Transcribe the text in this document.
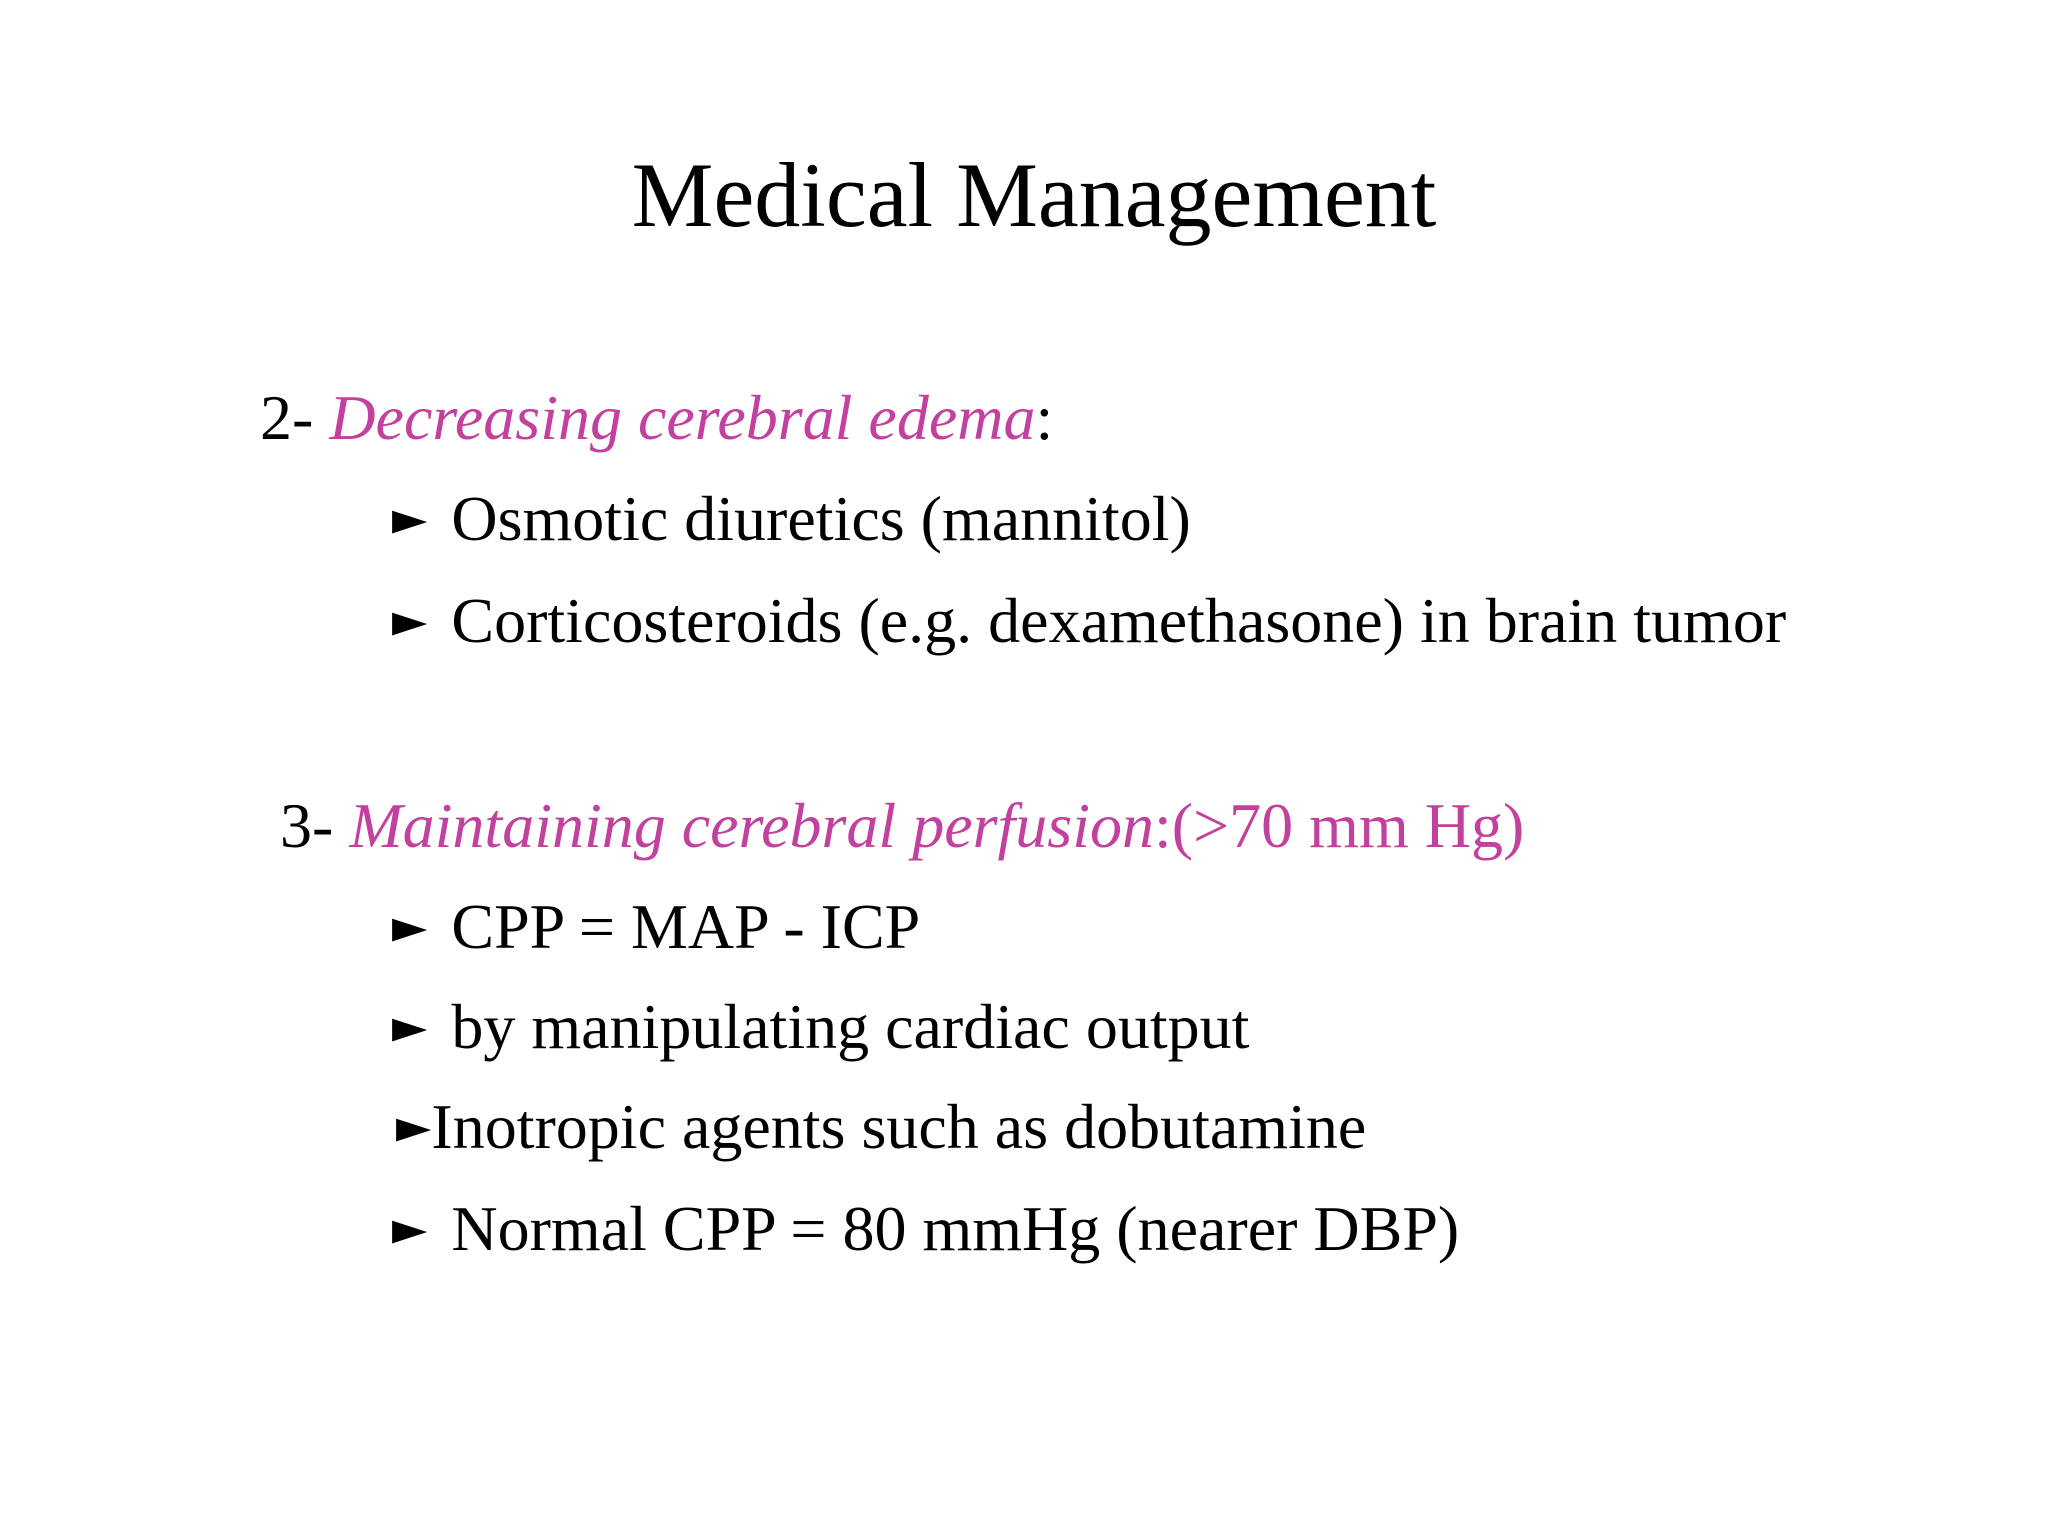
Medical Management
2- Decreasing cerebral edema:
► Osmotic diuretics (mannitol)
► Corticosteroids (e.g. dexamethasone) in brain tumor
3- Maintaining cerebral perfusion:(>70 mm Hg)
► CPP = MAP - ICP
► by manipulating cardiac output
►Inotropic agents such as dobutamine
► Normal CPP = 80 mmHg (nearer DBP)
